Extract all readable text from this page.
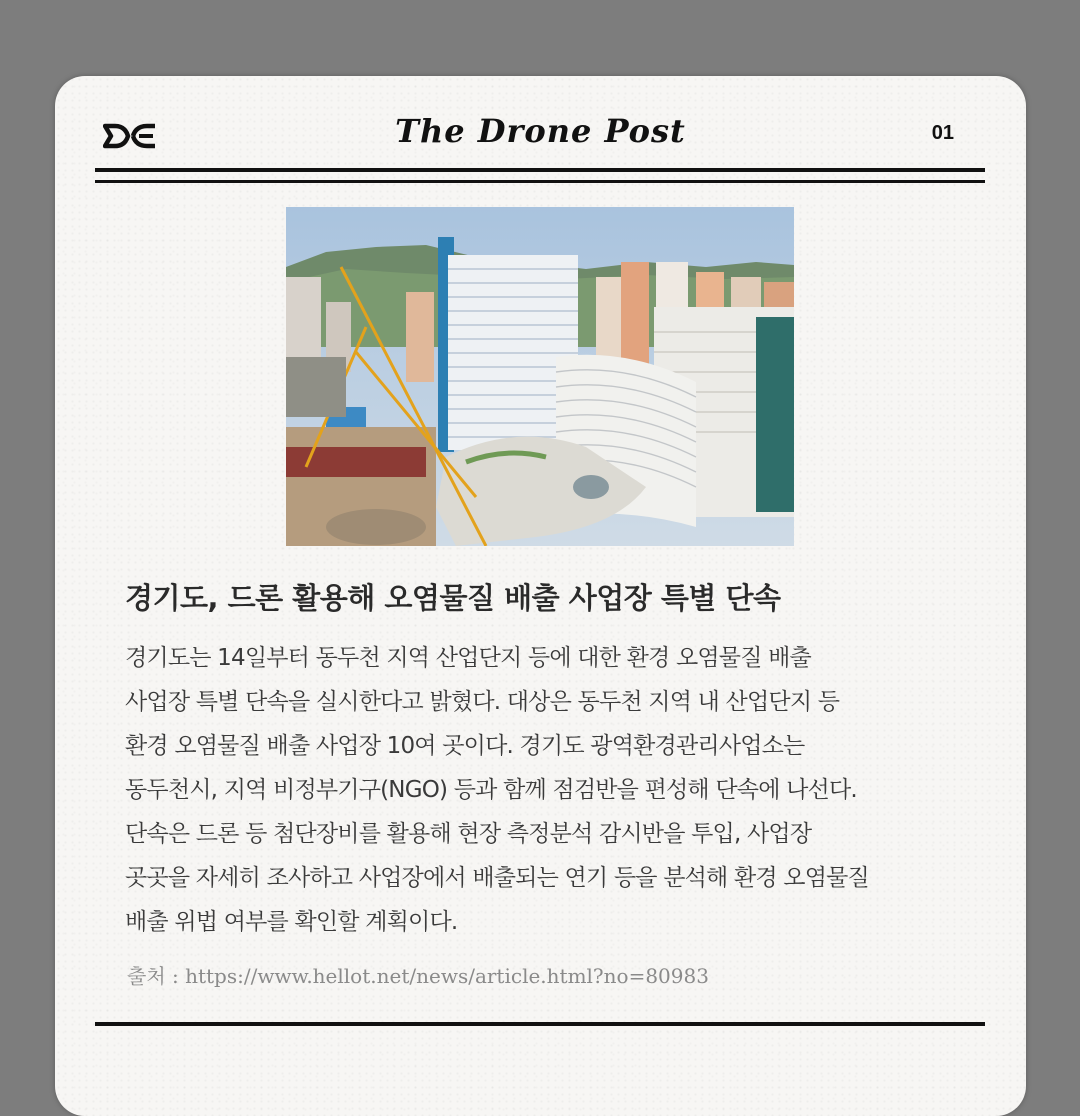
The Drone Post	01
경기도, 드론 활용해 오염물질 배출 사업장 특별 단속
경기도는 14일부터 동두천 지역 산업단지 등에 대한 환경 오염물질 배출
사업장 특별 단속을 실시한다고 밝혔다. 대상은 동두천 지역 내 산업단지 등
환경 오염물질 배출 사업장 10여 곳이다. 경기도 광역환경관리사업소는
동두천시, 지역 비정부기구(NGO) 등과 함께 점검반을 편성해 단속에 나선다.
단속은 드론 등 첨단장비를 활용해 현장 측정분석 감시반을 투입, 사업장
곳곳을 자세히 조사하고 사업장에서 배출되는 연기 등을 분석해 환경 오염물질
배출 위법 여부를 확인할 계획이다.
출처 : https://www.hellot.net/news/article.html?no=80983
